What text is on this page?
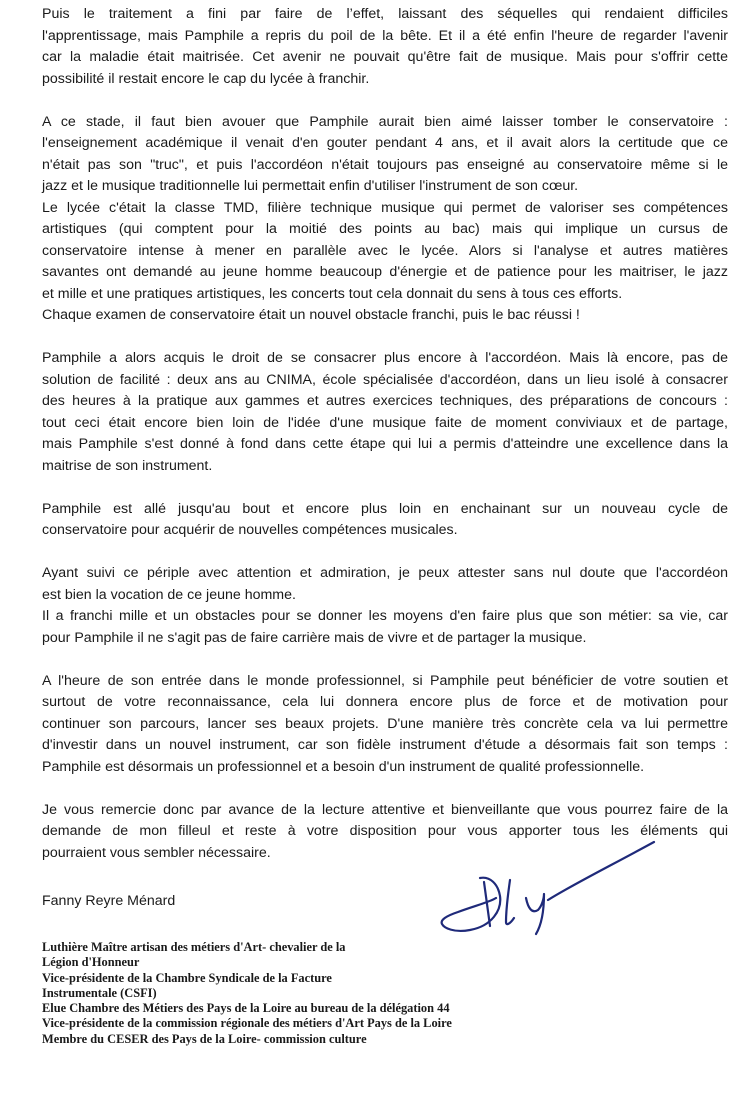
Puis le traitement a fini par faire de l’effet, laissant des séquelles qui rendaient difficiles
l'apprentissage, mais Pamphile a repris du poil de la bête. Et il a été enfin l'heure de regarder l'avenir
car la maladie était maitrisée. Cet avenir ne pouvait qu'être fait de musique. Mais pour s'offrir cette
possibilité il restait encore le cap du lycée à franchir.
A ce stade, il faut bien avouer que Pamphile aurait bien aimé laisser tomber le conservatoire :
l'enseignement académique il venait d'en gouter pendant 4 ans, et il avait alors la certitude que ce
n'était pas son "truc", et puis l'accordéon n'était toujours pas enseigné au conservatoire même si le
jazz et le musique traditionnelle lui permettait enfin d'utiliser l'instrument de son cœur.
Le lycée c'était la classe TMD, filière technique musique qui permet de valoriser ses compétences
artistiques (qui comptent pour la moitié des points au bac) mais qui implique un cursus de
conservatoire intense à mener en parallèle avec le lycée. Alors si l'analyse et autres matières
savantes ont demandé au jeune homme beaucoup d'énergie et de patience pour les maitriser, le jazz
et mille et une pratiques artistiques, les concerts tout cela donnait du sens à tous ces efforts.
Chaque examen de conservatoire était un nouvel obstacle franchi, puis le bac réussi !
Pamphile a alors acquis le droit de se consacrer plus encore à l'accordéon. Mais là encore, pas de
solution de facilité : deux ans au CNIMA, école spécialisée d'accordéon, dans un lieu isolé à consacrer
des heures à la pratique aux gammes et autres exercices techniques, des préparations de concours :
tout ceci était encore bien loin de l'idée d'une musique faite de moment conviviaux et de partage,
mais Pamphile s'est donné à fond dans cette étape qui lui a permis d'atteindre une excellence dans la
maitrise de son instrument.
Pamphile est allé jusqu'au bout et encore plus loin en enchainant sur un nouveau cycle de
conservatoire pour acquérir de nouvelles compétences musicales.
Ayant suivi ce périple avec attention et admiration, je peux attester sans nul doute que l'accordéon
est bien la vocation de ce jeune homme.
Il a franchi mille et un obstacles pour se donner les moyens d'en faire plus que son métier: sa vie, car
pour Pamphile il ne s'agit pas de faire carrière mais de vivre et de partager la musique.
A l'heure de son entrée dans le monde professionnel, si Pamphile peut bénéficier de votre soutien et
surtout de votre reconnaissance, cela lui donnera encore plus de force et de motivation pour
continuer son parcours, lancer ses beaux projets. D'une manière très concrète cela va lui permettre
d'investir dans un nouvel instrument, car son fidèle instrument d'étude a désormais fait son temps :
Pamphile est désormais un professionnel et a besoin d'un instrument de qualité professionnelle.
Je vous remercie donc par avance de la lecture attentive et bienveillante que vous pourrez faire de la
demande de mon filleul et reste à votre disposition pour vous apporter tous les éléments qui
pourraient vous sembler nécessaire.
Fanny Reyre Ménard
Luthière Maître artisan des métiers d'Art- chevalier de la
Légion d'Honneur
Vice-présidente de la Chambre Syndicale de la Facture
Instrumentale (CSFI)
Elue Chambre des Métiers des Pays de la Loire au bureau de la délégation 44
Vice-présidente de la commission régionale des métiers d'Art Pays de la Loire
Membre du CESER des Pays de la Loire- commission culture
